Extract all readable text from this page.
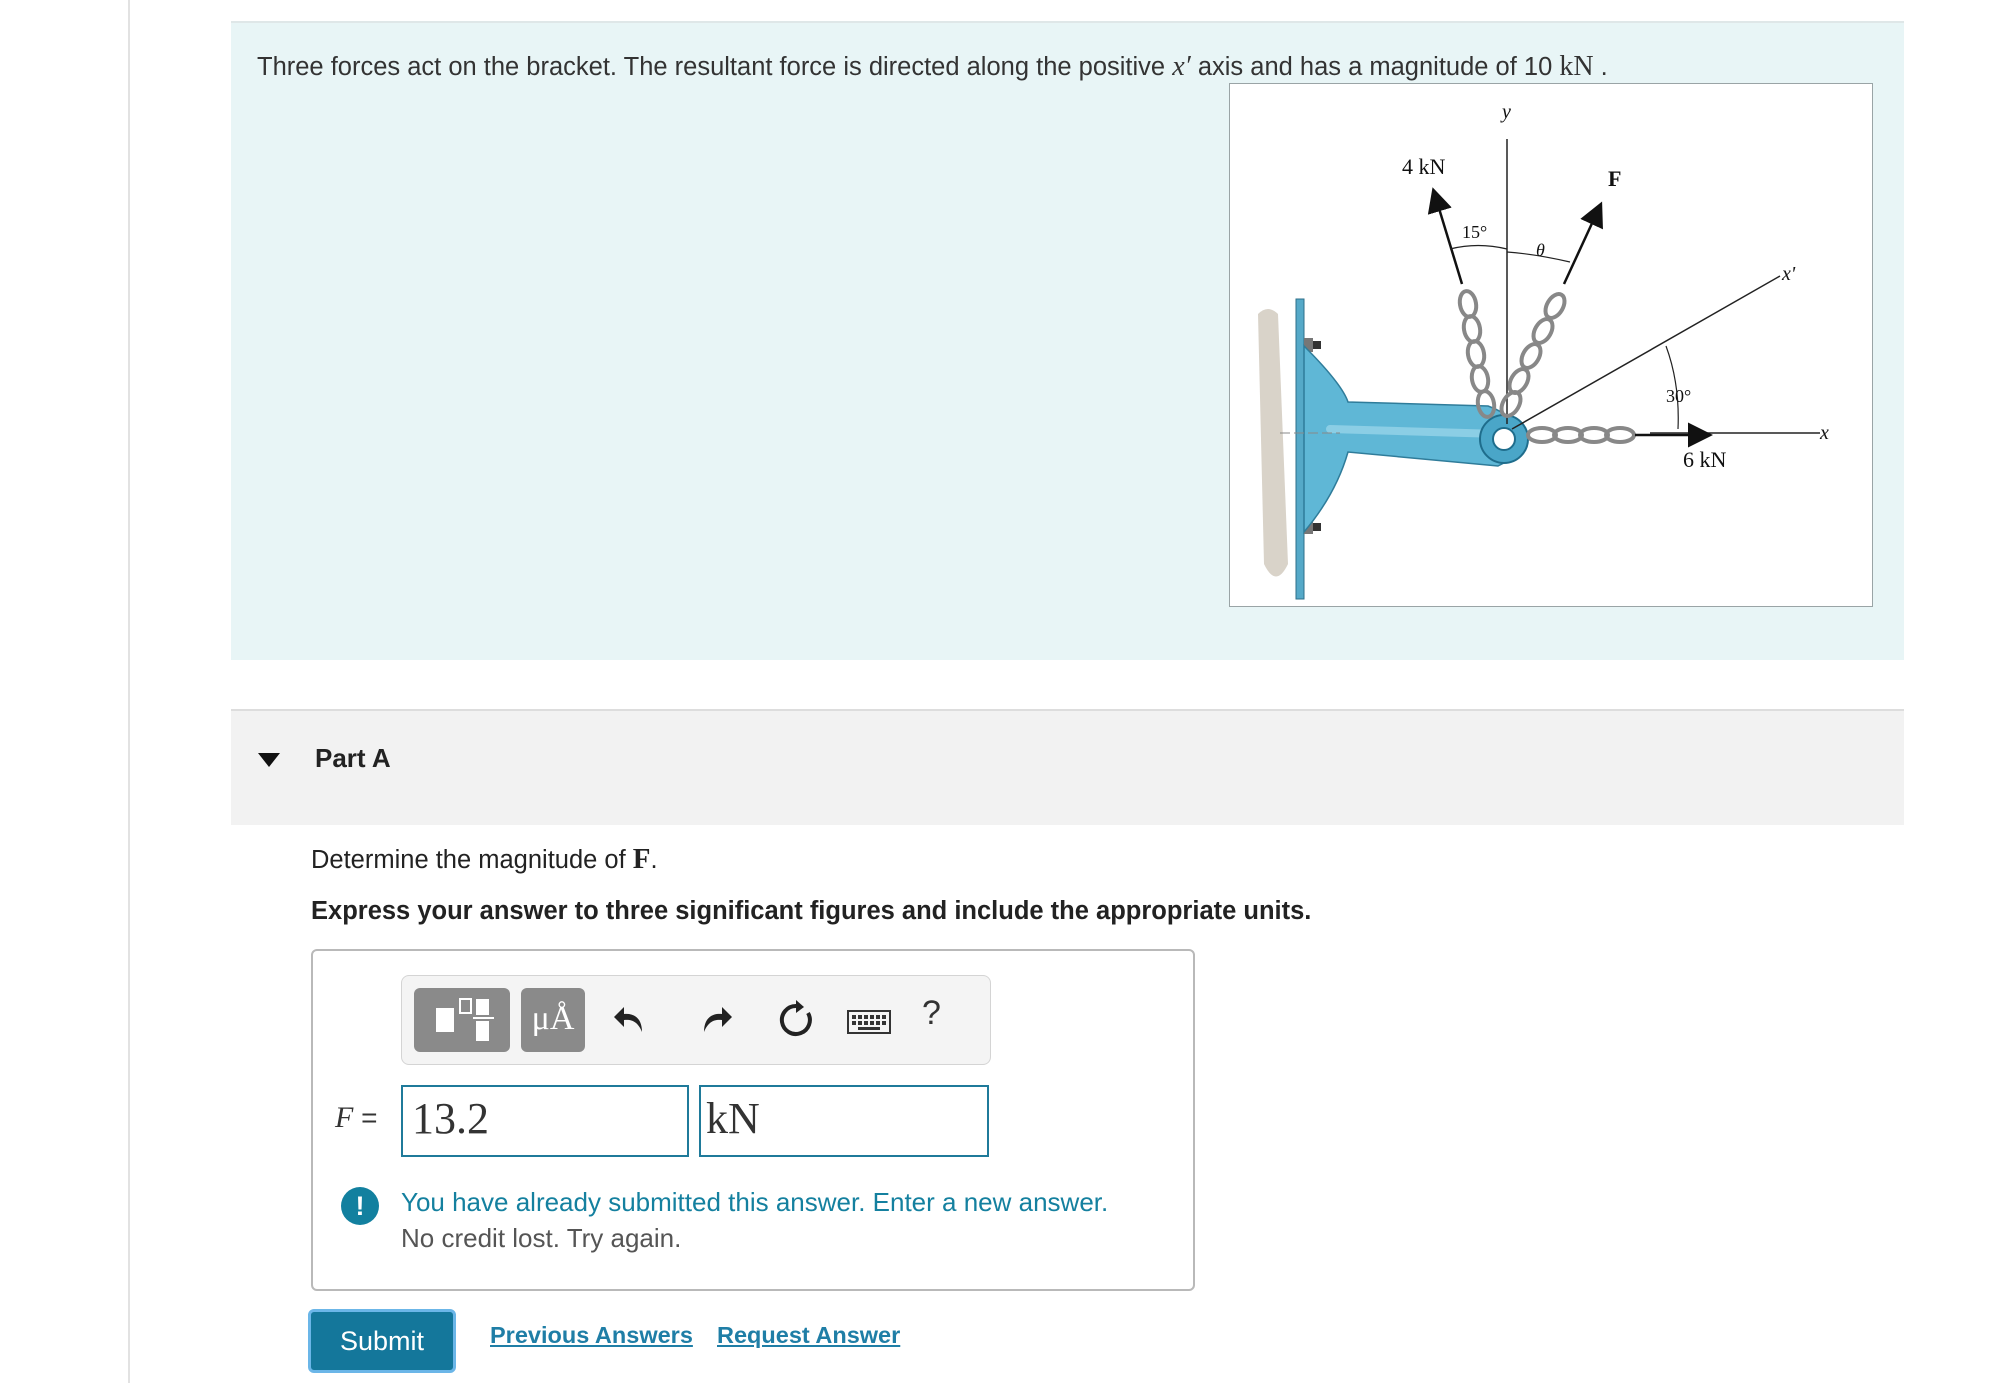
Three forces act on the bracket. The resultant force is directed along the positive x′ axis and has a magnitude of 10 kN .
4 kN	F
6 kN
y
x
x'
15°
θ
30°
Part A
Determine the magnitude of F.
Express your answer to three significant figures and include the appropriate units.
μÅ	?
F = 13.2	kN
!	You have already submitted this answer. Enter a new answer.
No credit lost. Try again.
Submit	Previous Answers Request Answer
